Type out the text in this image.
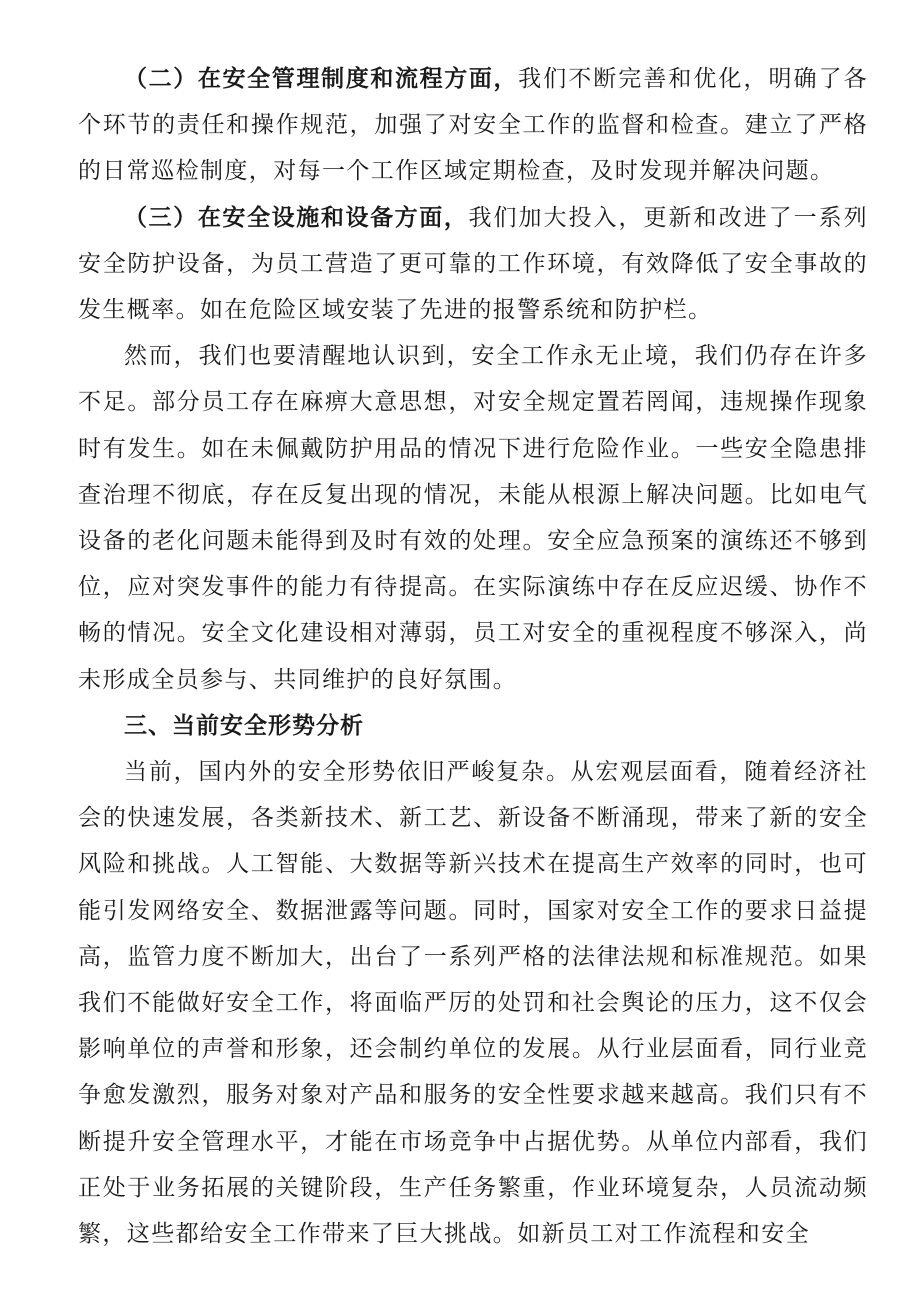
（二）在安全管理制度和流程方面，我们不断完善和优化，明确了各个环节的责任和操作规范，加强了对安全工作的监督和检查。建立了严格的日常巡检制度，对每一个工作区域定期检查，及时发现并解决问题。

（三）在安全设施和设备方面，我们加大投入，更新和改进了一系列安全防护设备，为员工营造了更可靠的工作环境，有效降低了安全事故的发生概率。如在危险区域安装了先进的报警系统和防护栏。

然而，我们也要清醒地认识到，安全工作永无止境，我们仍存在许多不足。部分员工存在麻痹大意思想，对安全规定置若罔闻，违规操作现象时有发生。如在未佩戴防护用品的情况下进行危险作业。一些安全隐患排查治理不彻底，存在反复出现的情况，未能从根源上解决问题。比如电气设备的老化问题未能得到及时有效的处理。安全应急预案的演练还不够到位，应对突发事件的能力有待提高。在实际演练中存在反应迟缓、协作不畅的情况。安全文化建设相对薄弱，员工对安全的重视程度不够深入，尚未形成全员参与、共同维护的良好氛围。

三、当前安全形势分析

当前，国内外的安全形势依旧严峻复杂。从宏观层面看，随着经济社会的快速发展，各类新技术、新工艺、新设备不断涌现，带来了新的安全风险和挑战。人工智能、大数据等新兴技术在提高生产效率的同时，也可能引发网络安全、数据泄露等问题。同时，国家对安全工作的要求日益提高，监管力度不断加大，出台了一系列严格的法律法规和标准规范。如果我们不能做好安全工作，将面临严厉的处罚和社会舆论的压力，这不仅会影响单位的声誉和形象，还会制约单位的发展。从行业层面看，同行业竞争愈发激烈，服务对象对产品和服务的安全性要求越来越高。我们只有不断提升安全管理水平，才能在市场竞争中占据优势。从单位内部看，我们正处于业务拓展的关键阶段，生产任务繁重，作业环境复杂，人员流动频繁，这些都给安全工作带来了巨大挑战。如新员工对工作流程和安全
